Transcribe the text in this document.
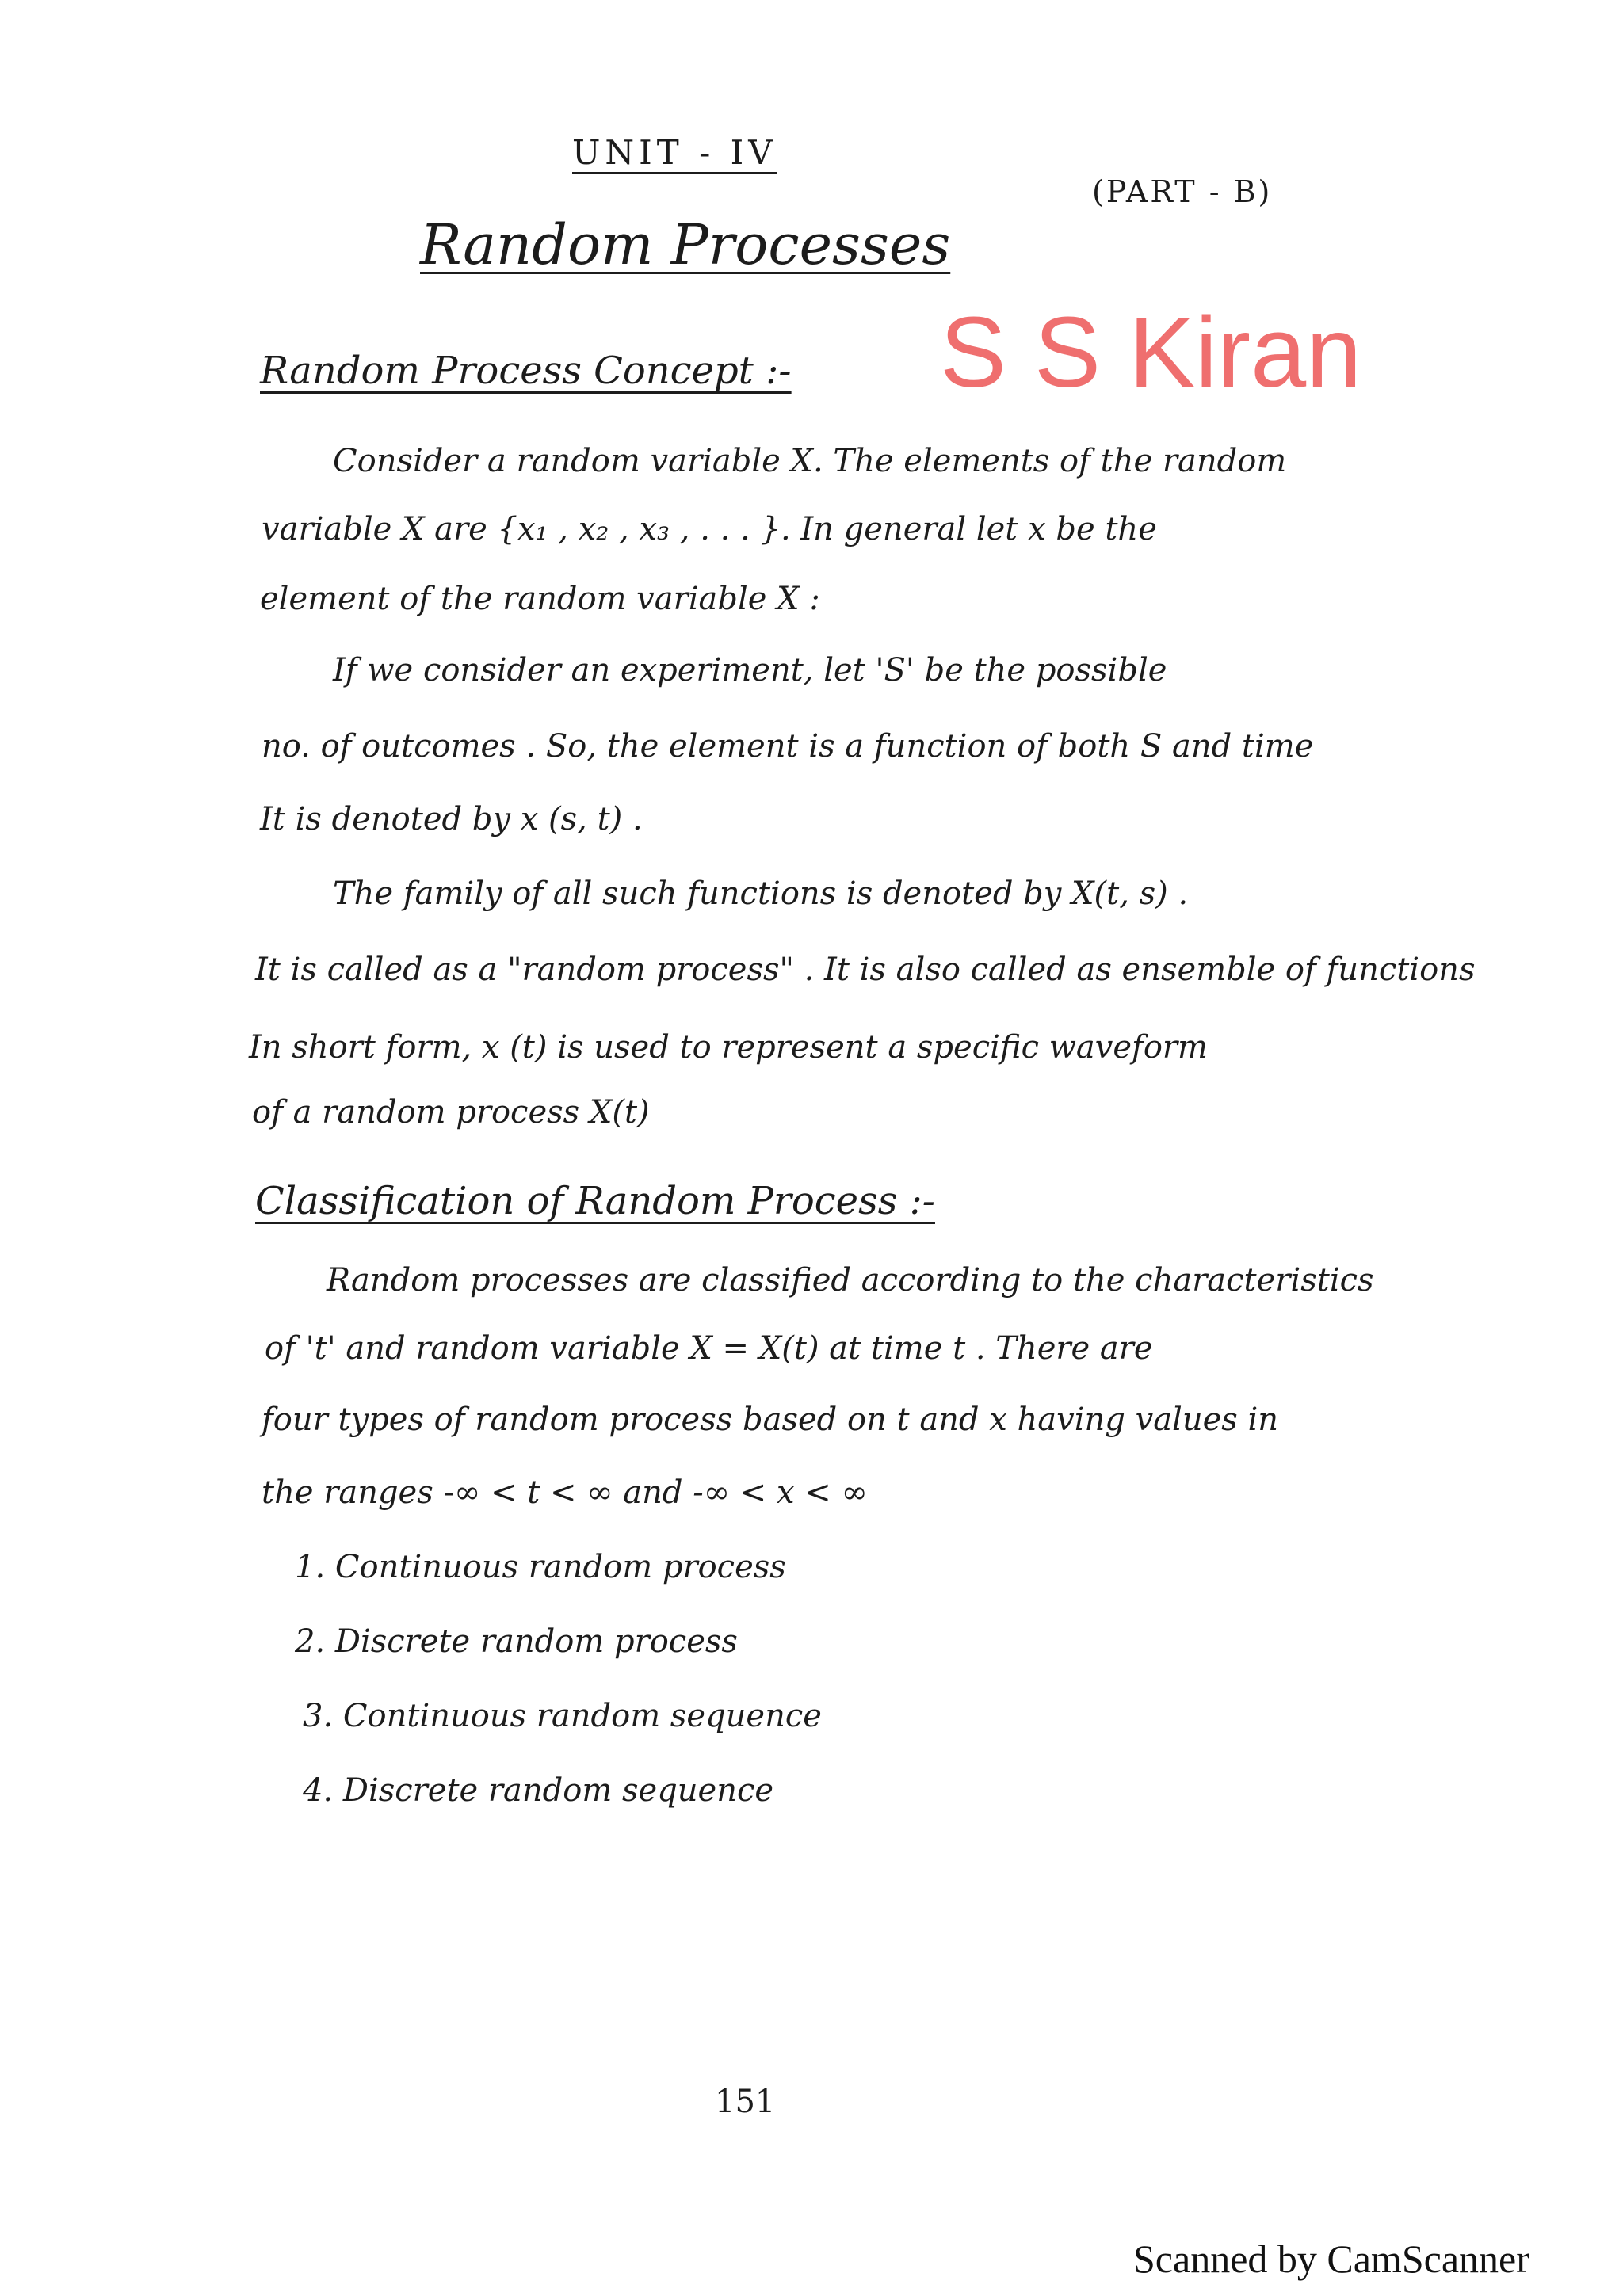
UNIT - IV
(PART - B)
Random Processes
S S Kiran
Random Process Concept :-
Consider a random variable X. The elements of the random
variable X are {x₁ , x₂ , x₃ , . . . }. In general let x be the
element of the random variable X :
If we consider an experiment, let 'S' be the possible
no. of outcomes . So, the element is a function of both S and time
It is denoted by x (s, t) .
The family of all such functions is denoted by X(t, s) .
It is called as a "random process" . It is also called as ensemble of functions
In short form, x (t) is used to represent a specific waveform
of a random process X(t)
Classification of Random Process :-
Random processes are classified according to the characteristics
of 't' and random variable X = X(t) at time t . There are
four types of random process based on t and x having values in
the ranges -∞ < t < ∞ and -∞ < x < ∞
1. Continuous random process
2. Discrete random process
3. Continuous random sequence
4. Discrete random sequence
151
Scanned by CamScanner
